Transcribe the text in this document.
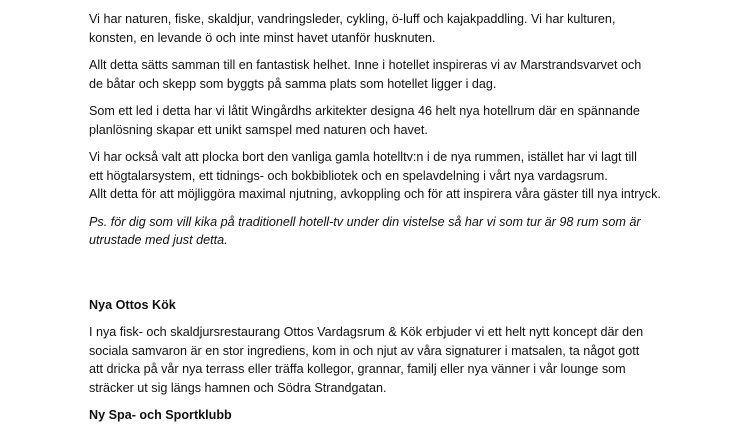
Vi har naturen, fiske, skaldjur, vandringsleder, cykling, ö-luff och kajakpaddling. Vi har kulturen,
konsten, en levande ö och inte minst havet utanför husknuten.

Allt detta sätts samman till en fantastisk helhet. Inne i hotellet inspireras vi av Marstrandsvarvet och
de båtar och skepp som byggts på samma plats som hotellet ligger i dag.

Som ett led i detta har vi låtit Wingårdhs arkitekter designa 46 helt nya hotellrum där en spännande
planlösning skapar ett unikt samspel med naturen och havet.

Vi har också valt att plocka bort den vanliga gamla hotelltv:n i de nya rummen, istället har vi lagt till
ett högtalarsystem, ett tidnings- och bokbibliotek och en spelavdelning i vårt nya vardagsrum.
Allt detta för att möjliggöra maximal njutning, avkoppling och för att inspirera våra gäster till nya intryck.

Ps. för dig som vill kika på traditionell hotell-tv under din vistelse så har vi som tur är 98 rum som är
utrustade med just detta.

Nya Ottos Kök

I nya fisk- och skaldjursrestaurang Ottos Vardagsrum & Kök erbjuder vi ett helt nytt koncept där den
sociala samvaron är en stor ingrediens, kom in och njut av våra signaturer i matsalen, ta något gott
att dricka på vår nya terrass eller träffa kollegor, grannar, familj eller nya vänner i vår lounge som
sträcker ut sig längs hamnen och Södra Strandgatan.

Ny Spa- och Sportklubb
